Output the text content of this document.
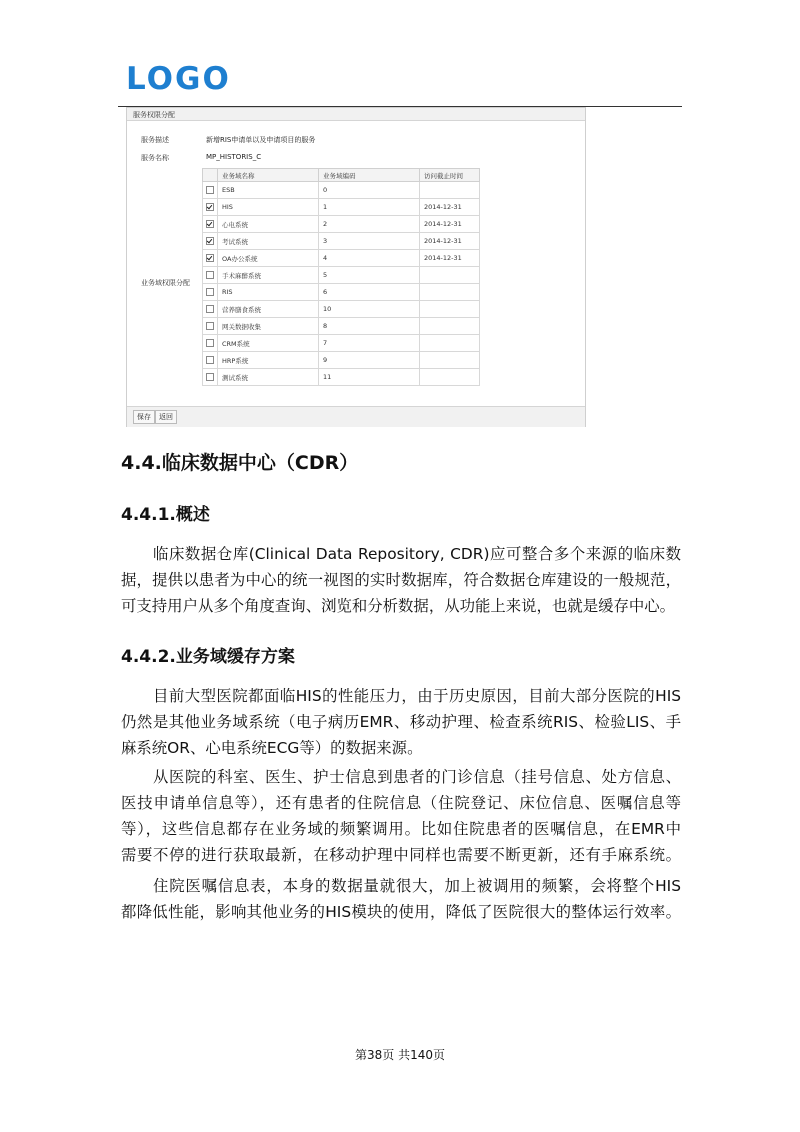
LOGO
服务权限分配
服务描述	新增RIS申请单以及申请项目的服务
服务名称	MP_HISTORIS_C
业务域权限分配
	业务域名称	业务域编码	访问截止时间
	ESB	0	
	HIS	1	2014-12-31
	心电系统	2	2014-12-31
	考试系统	3	2014-12-31
	OA办公系统	4	2014-12-31
	手术麻醉系统	5	
	RIS	6	
	营养膳食系统	10	
	网关数据收集	8	
	CRM系统	7	
	HRP系统	9	
	测试系统	11	
保存	返回
4.4.临床数据中心（CDR）
4.4.1.概述
临床数据仓库(Clinical Data Repository, CDR)应可整合多个来源的临床数
据，提供以患者为中心的统一视图的实时数据库，符合数据仓库建设的一般规范，
可支持用户从多个角度查询、浏览和分析数据，从功能上来说，也就是缓存中心。
4.4.2.业务域缓存方案
目前大型医院都面临HIS的性能压力，由于历史原因，目前大部分医院的HIS
仍然是其他业务域系统（电子病历EMR、移动护理、检查系统RIS、检验LIS、手
麻系统OR、心电系统ECG等）的数据来源。
从医院的科室、医生、护士信息到患者的门诊信息（挂号信息、处方信息、
医技申请单信息等），还有患者的住院信息（住院登记、床位信息、医嘱信息等
等），这些信息都存在业务域的频繁调用。比如住院患者的医嘱信息，在EMR中
需要不停的进行获取最新，在移动护理中同样也需要不断更新，还有手麻系统。
住院医嘱信息表，本身的数据量就很大，加上被调用的频繁，会将整个HIS
都降低性能，影响其他业务的HIS模块的使用，降低了医院很大的整体运行效率。
第38页 共140页
